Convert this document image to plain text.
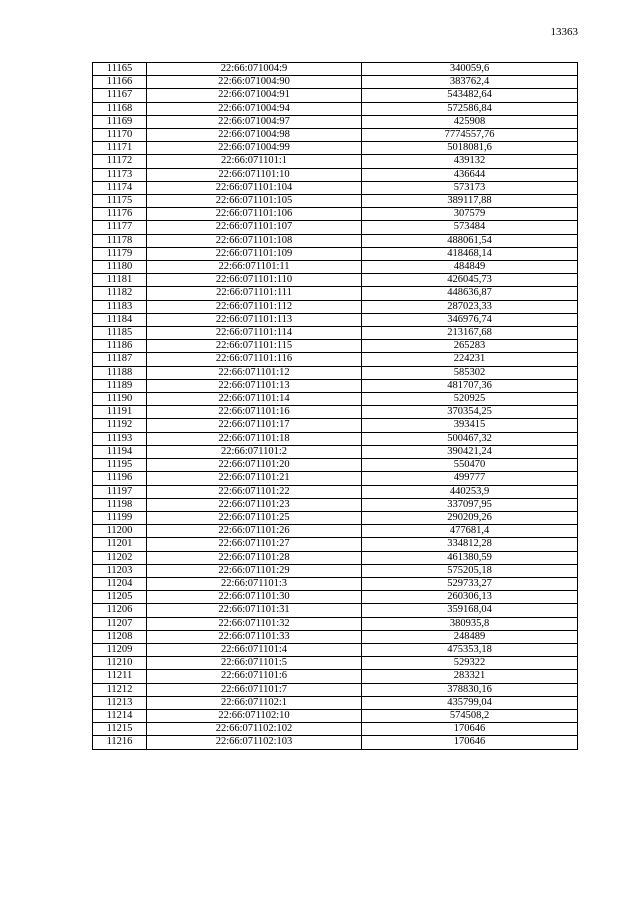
13363
11165	22:66:071004:9	340059,6
11166	22:66:071004:90	383762,4
11167	22:66:071004:91	543482,64
11168	22:66:071004:94	572586,84
11169	22:66:071004:97	425908
11170	22:66:071004:98	7774557,76
11171	22:66:071004:99	5018081,6
11172	22:66:071101:1	439132
11173	22:66:071101:10	436644
11174	22:66:071101:104	573173
11175	22:66:071101:105	389117,88
11176	22:66:071101:106	307579
11177	22:66:071101:107	573484
11178	22:66:071101:108	488061,54
11179	22:66:071101:109	418468,14
11180	22:66:071101:11	484849
11181	22:66:071101:110	426045,73
11182	22:66:071101:111	448636,87
11183	22:66:071101:112	287023,33
11184	22:66:071101:113	346976,74
11185	22:66:071101:114	213167,68
11186	22:66:071101:115	265283
11187	22:66:071101:116	224231
11188	22:66:071101:12	585302
11189	22:66:071101:13	481707,36
11190	22:66:071101:14	520925
11191	22:66:071101:16	370354,25
11192	22:66:071101:17	393415
11193	22:66:071101:18	500467,32
11194	22:66:071101:2	390421,24
11195	22:66:071101:20	550470
11196	22:66:071101:21	499777
11197	22:66:071101:22	440253,9
11198	22:66:071101:23	337097,95
11199	22:66:071101:25	290209,26
11200	22:66:071101:26	477681,4
11201	22:66:071101:27	334812,28
11202	22:66:071101:28	461380,59
11203	22:66:071101:29	575205,18
11204	22:66:071101:3	529733,27
11205	22:66:071101:30	260306,13
11206	22:66:071101:31	359168,04
11207	22:66:071101:32	380935,8
11208	22:66:071101:33	248489
11209	22:66:071101:4	475353,18
11210	22:66:071101:5	529322
11211	22:66:071101:6	283321
11212	22:66:071101:7	378830,16
11213	22:66:071102:1	435799,04
11214	22:66:071102:10	574508,2
11215	22:66:071102:102	170646
11216	22:66:071102:103	170646
